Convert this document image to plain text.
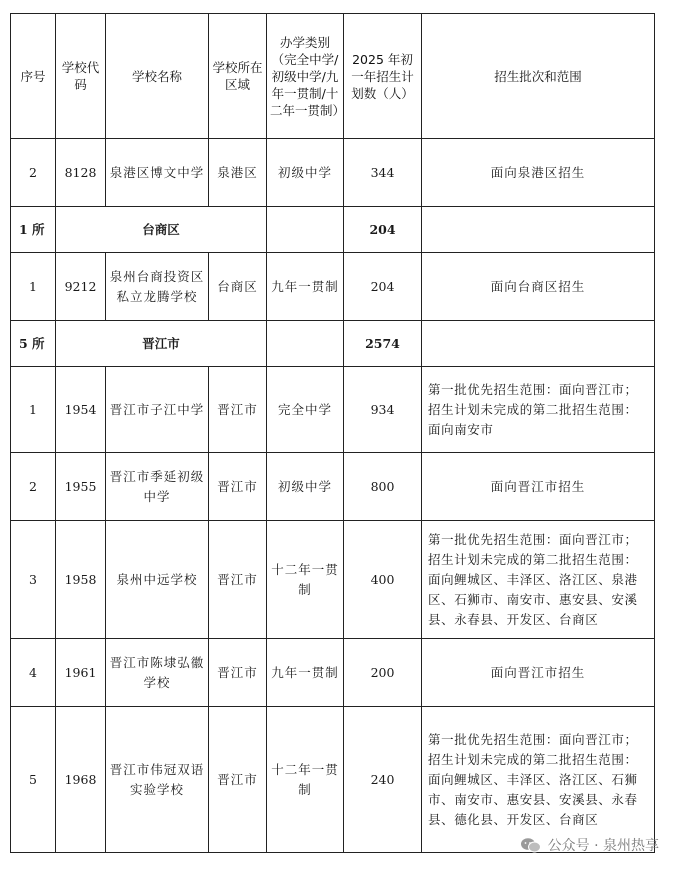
序号	学校代码	学校名称	学校所在区域	办学类别（完全中学/初级中学/九年一贯制/十二年一贯制）	2025 年初一年招生计划数（人）	招生批次和范围
2	8128	泉港区博文中学	泉港区	初级中学	344	面向泉港区招生
1 所	台商区				204	
1	9212	泉州台商投资区私立龙腾学校	台商区	九年一贯制	204	面向台商区招生
5 所	晋江市				2574	
1	1954	晋江市子江中学	晋江市	完全中学	934	第一批优先招生范围：面向晋江市；招生计划未完成的第二批招生范围：面向南安市
2	1955	晋江市季延初级中学	晋江市	初级中学	800	面向晋江市招生
3	1958	泉州中远学校	晋江市	十二年一贯制	400	第一批优先招生范围：面向晋江市；招生计划未完成的第二批招生范围：面向鲤城区、丰泽区、洛江区、泉港区、石狮市、南安市、惠安县、安溪县、永春县、开发区、台商区
4	1961	晋江市陈埭弘徽学校	晋江市	九年一贯制	200	面向晋江市招生
5	1968	晋江市伟冠双语实验学校	晋江市	十二年一贯制	240	第一批优先招生范围：面向晋江市；招生计划未完成的第二批招生范围：面向鲤城区、丰泽区、洛江区、石狮市、南安市、惠安县、安溪县、永春县、德化县、开发区、台商区
公众号 · 泉州热享
